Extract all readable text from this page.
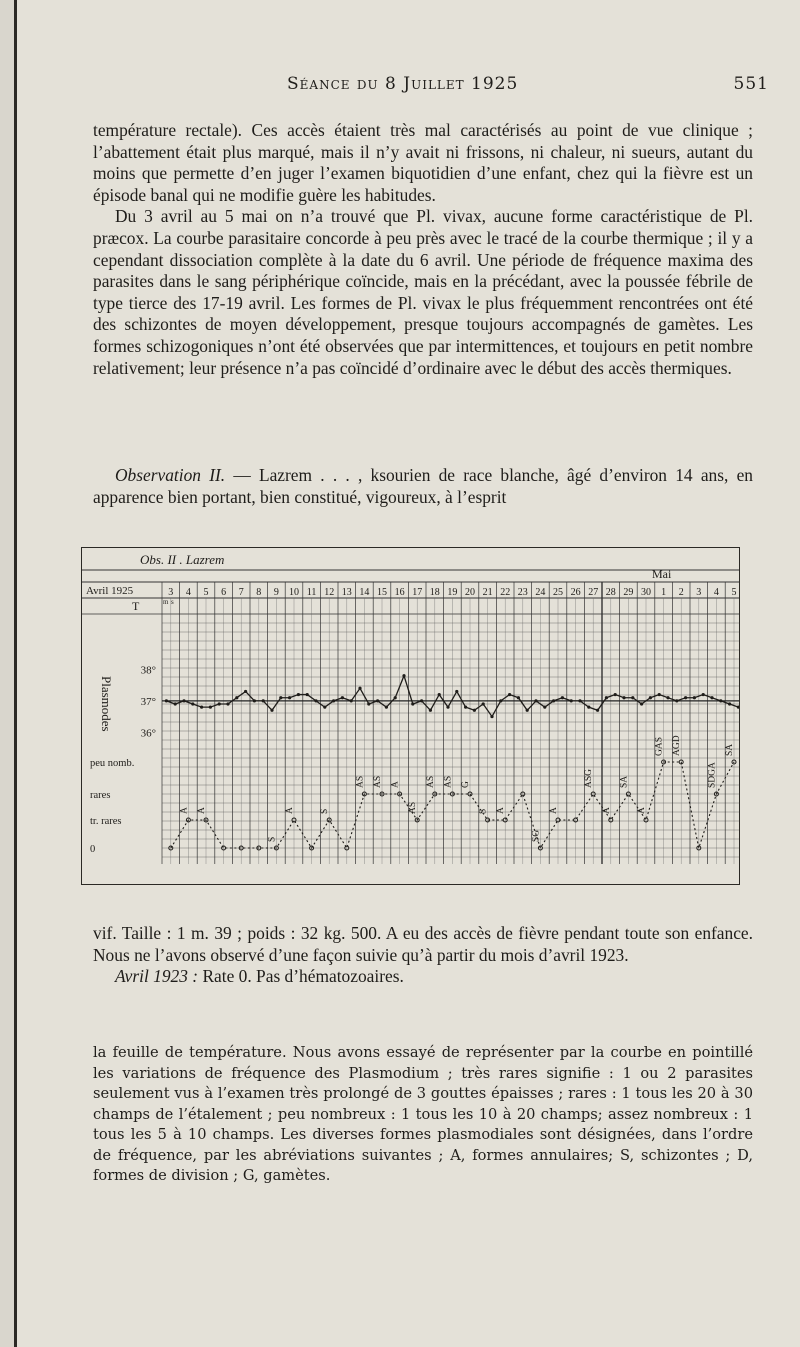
Séance du 8 Juillet 1925	551

température rectale). Ces accès étaient très mal caractérisés au point de vue clinique ; l’abattement était plus marqué, mais il n’y avait ni frissons, ni chaleur, ni sueurs, autant du moins que permette d’en juger l’examen biquotidien d’une enfant, chez qui la fièvre est un épisode banal qui ne modifie guère les habitudes.

Du 3 avril au 5 mai on n’a trouvé que Pl. vivax, aucune forme caractéristique de Pl. præcox. La courbe parasitaire concorde à peu près avec le tracé de la courbe thermique ; il y a cependant dissociation complète à la date du 6 avril. Une période de fréquence maxima des parasites dans le sang périphérique coïncide, mais en la précédant, avec la poussée fébrile de type tierce des 17-19 avril. Les formes de Pl. vivax le plus fréquemment rencontrées ont été des schizontes de moyen développement, presque toujours accompagnés de gamètes. Les formes schizogoniques n’ont été observées que par intermittences, et toujours en petit nombre relativement; leur présence n’a pas coïncidé d’ordinaire avec le début des accès thermiques.

Observation II. — Lazrem . . . , ksourien de race blanche, âgé d’environ 14 ans, en apparence bien portant, bien constitué, vigoureux, à l’esprit

Obs. II . Lazrem
Avril 1925
Mai
T	m s
Plasmodes
3 4 5 6 7 8 9 10 11 12 13 14 15 16 17 18 19 20 21 22 23 24 25 26 27 28 29 30 1 2 3 4 5
38°
37°
36°
peu nomb.
rares
tr. rares
0
A A
S
A	S
AS AS A
AS
AS AS G
S A
SG
A
ASG
A
SA
A
GAS AGD
SDGA
SA

vif. Taille : 1 m. 39 ; poids : 32 kg. 500. A eu des accès de fièvre pendant toute son enfance. Nous ne l’avons observé d’une façon suivie qu’à partir du mois d’avril 1923.

Avril 1923 : Rate 0. Pas d’hématozoaires.

la feuille de température. Nous avons essayé de représenter par la courbe en pointillé les variations de fréquence des Plasmodium ; très rares signifie : 1 ou 2 parasites seulement vus à l’examen très prolongé de 3 gouttes épaisses ; rares : 1 tous les 20 à 30 champs de l’étalement ; peu nombreux : 1 tous les 10 à 20 champs; assez nombreux : 1 tous les 5 à 10 champs. Les diverses formes plasmodiales sont désignées, dans l’ordre de fréquence, par les abréviations suivantes ; A, formes annulaires; S, schizontes ; D, formes de division ; G, gamètes.
